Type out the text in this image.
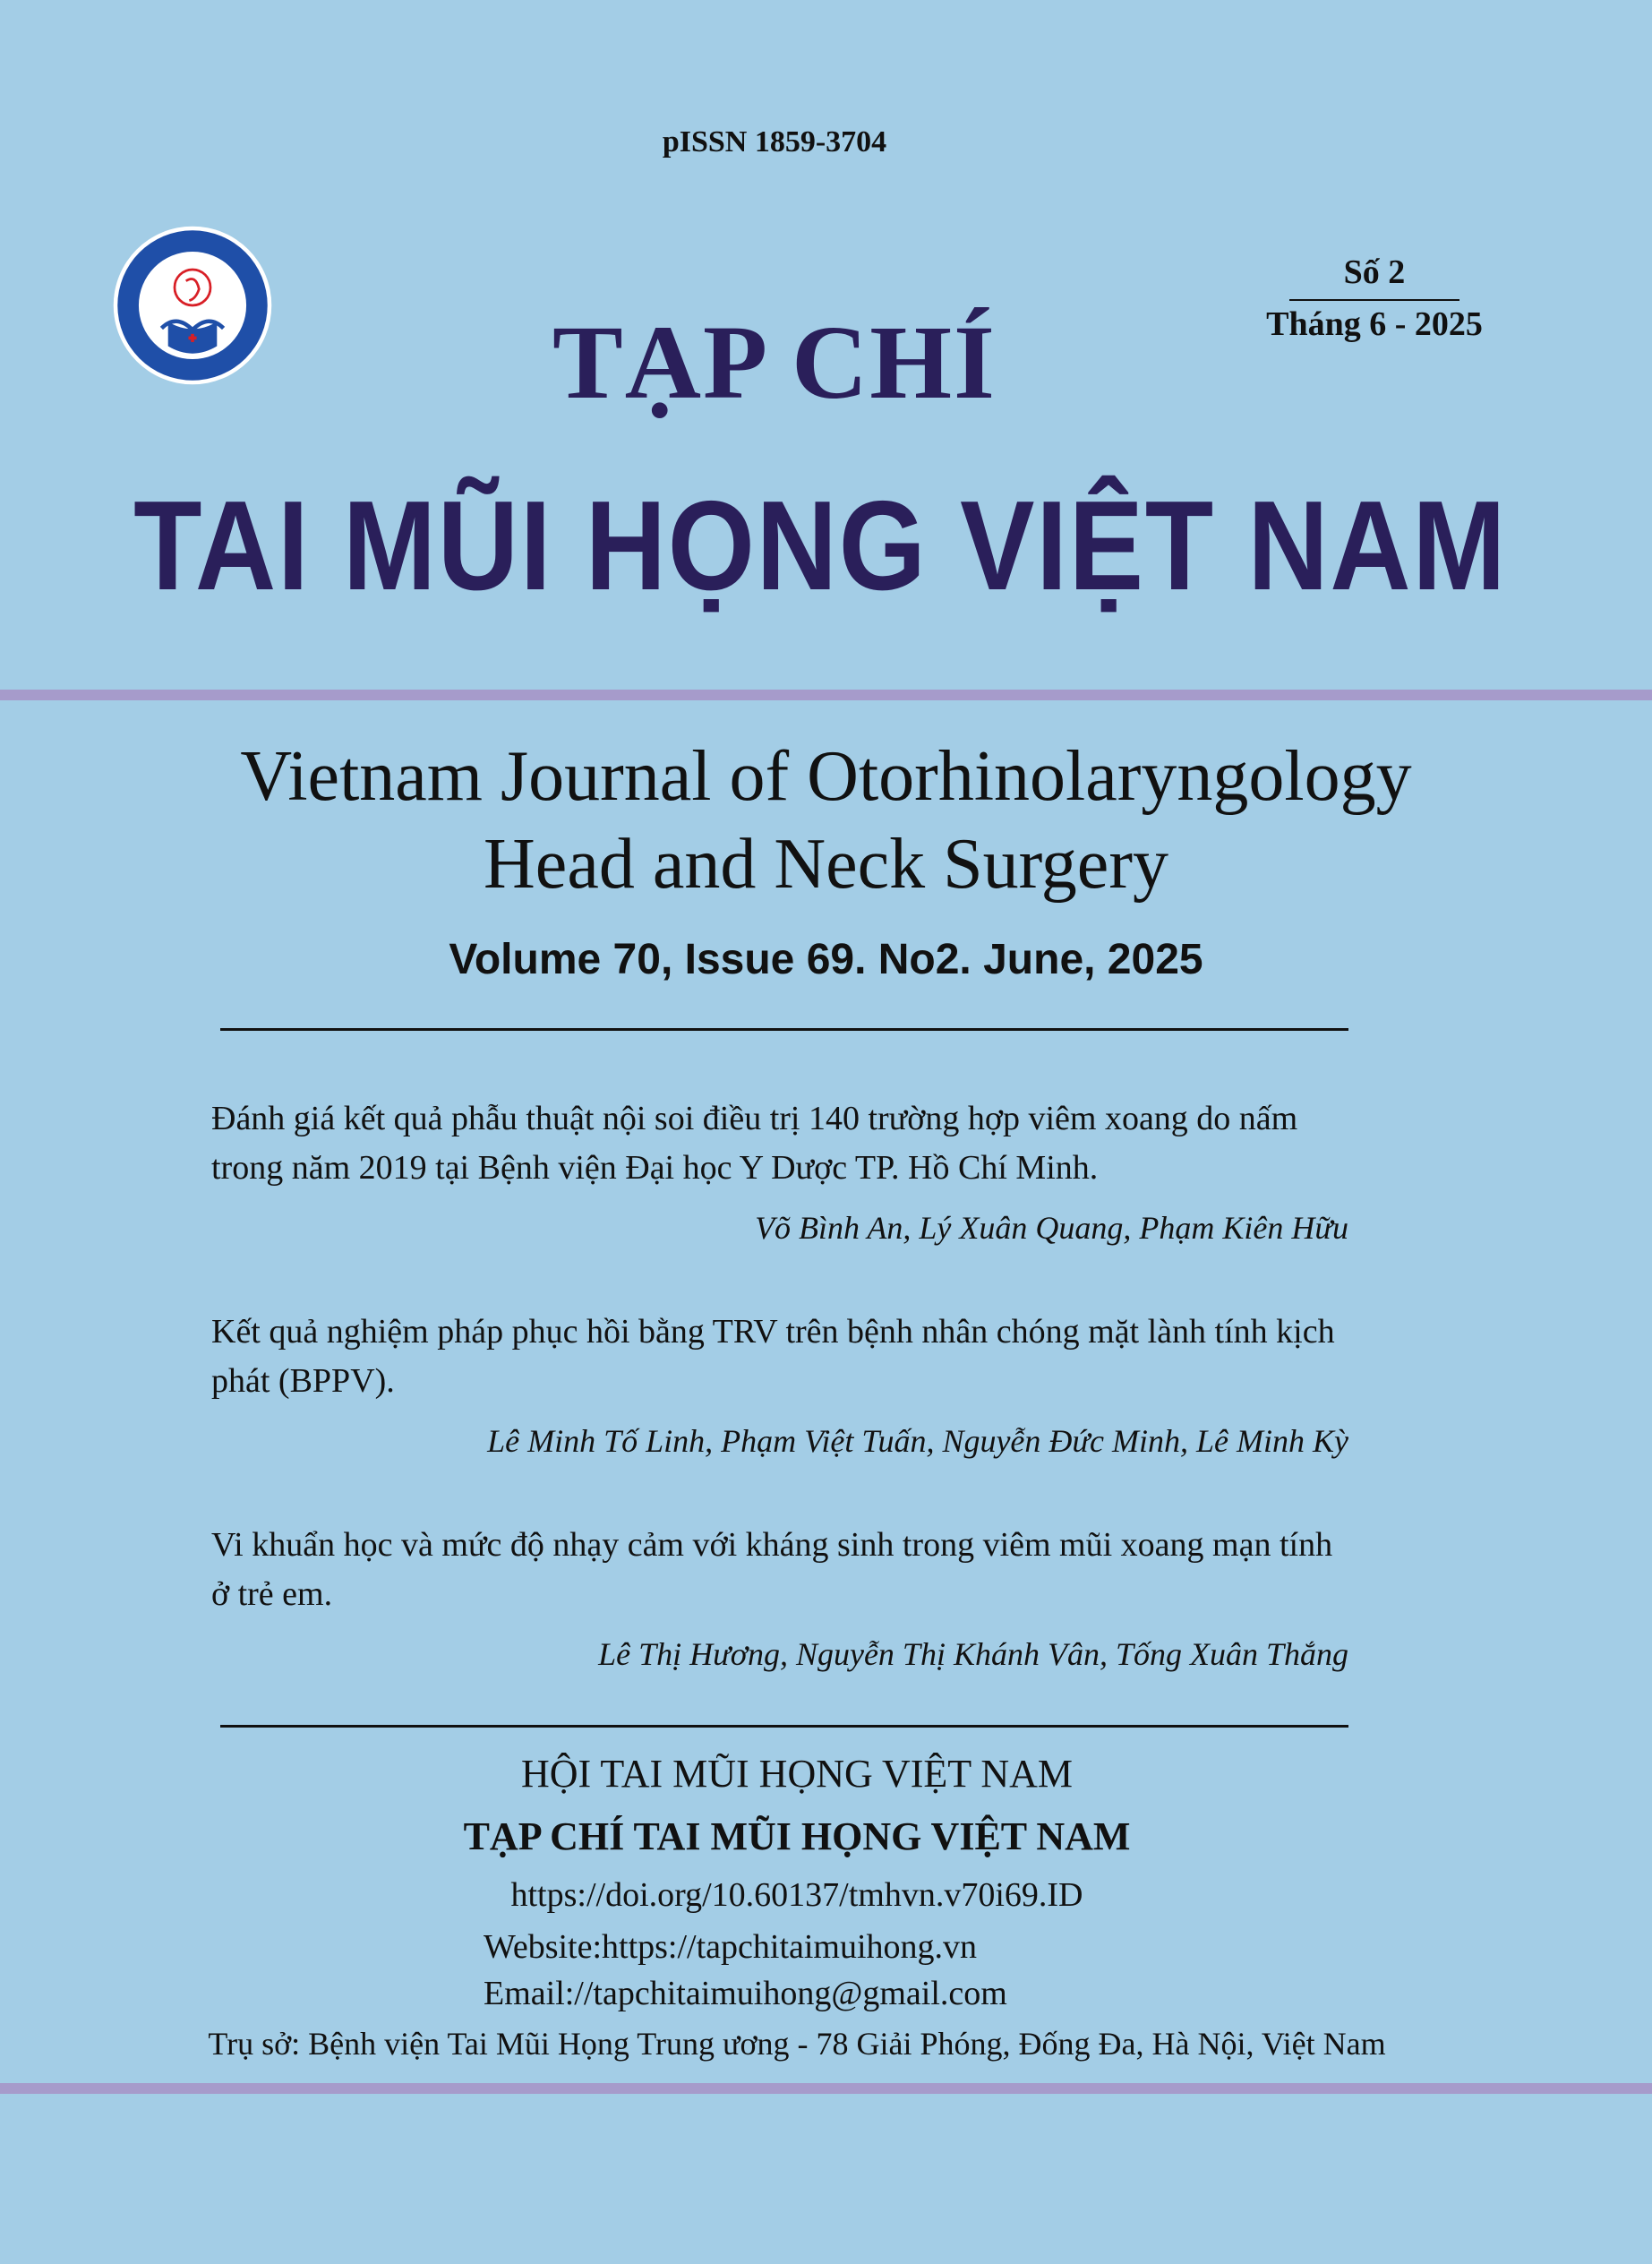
pISSN 1859-3704
Số 2
Tháng 6 - 2025
TẠP CHÍ
TAI MŨI HỌNG VIỆT NAM
Vietnam Journal of Otorhinolaryngology
Head and Neck Surgery
Volume 70, Issue 69. No2. June, 2025
Đánh giá kết quả phẫu thuật nội soi điều trị 140 trường hợp viêm xoang do nấm trong năm 2019 tại Bệnh viện Đại học Y Dược TP. Hồ Chí Minh.
Võ Bình An, Lý Xuân Quang, Phạm Kiên Hữu
Kết quả nghiệm pháp phục hồi bằng TRV trên bệnh nhân chóng mặt lành tính kịch phát (BPPV).
Lê Minh Tố Linh, Phạm Việt Tuấn, Nguyễn Đức Minh, Lê Minh Kỳ
Vi khuẩn học và mức độ nhạy cảm với kháng sinh trong viêm mũi xoang mạn tính ở trẻ em.
Lê Thị Hương, Nguyễn Thị Khánh Vân, Tống Xuân Thắng
HỘI TAI MŨI HỌNG VIỆT NAM
TẠP CHÍ TAI MŨI HỌNG VIỆT NAM
https://doi.org/10.60137/tmhvn.v70i69.ID
Website:https://tapchitaimuihong.vn
Email://tapchitaimuihong@gmail.com
Trụ sở: Bệnh viện Tai Mũi Họng Trung ương - 78 Giải Phóng, Đống Đa, Hà Nội, Việt Nam
